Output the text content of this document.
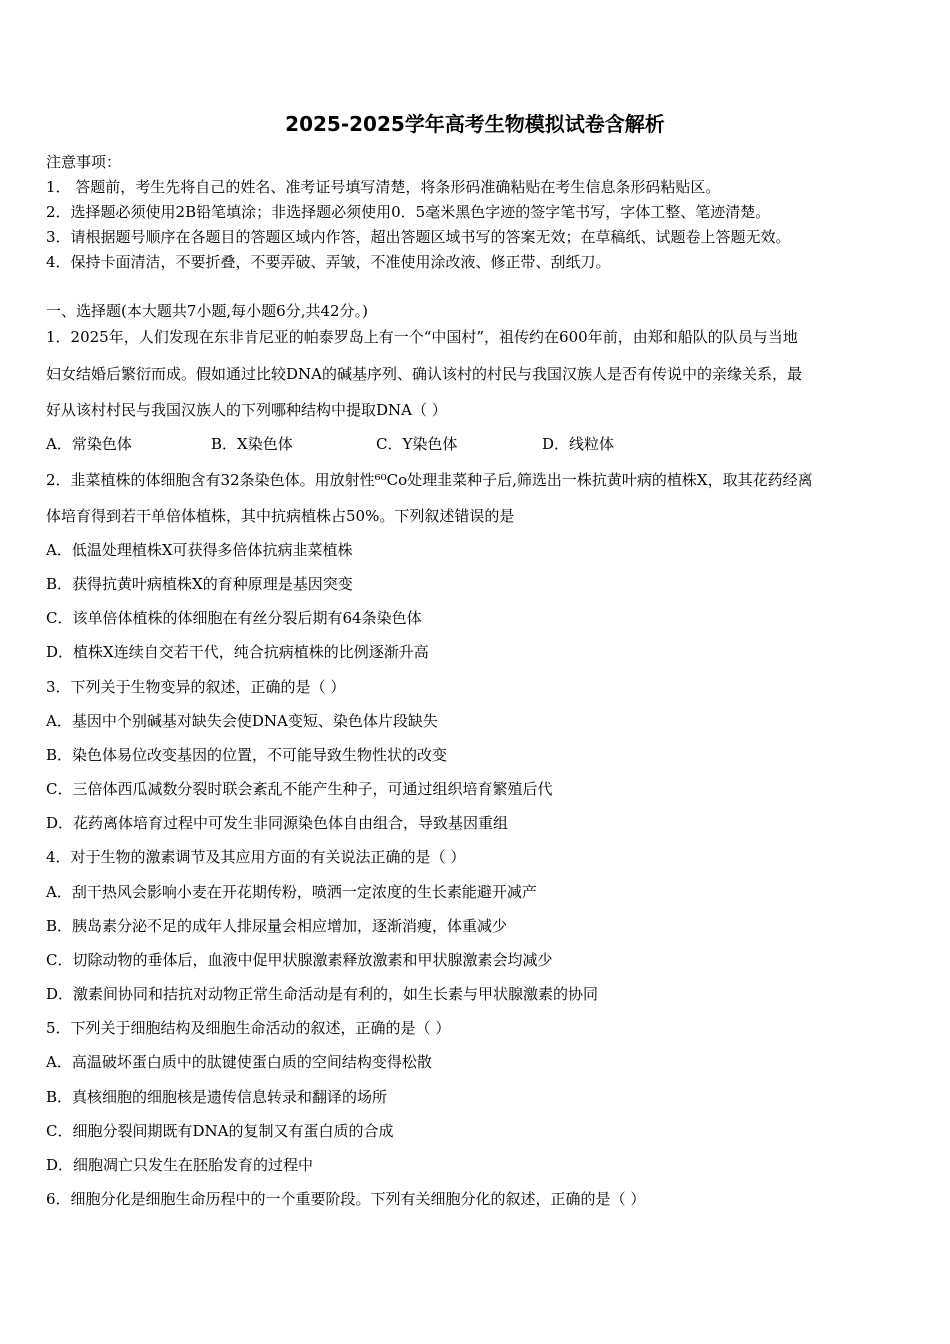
2025-2025学年高考生物模拟试卷含解析
注意事项：
1． 答题前，考生先将自己的姓名、准考证号填写清楚，将条形码准确粘贴在考生信息条形码粘贴区。
2．选择题必须使用2B铅笔填涂；非选择题必须使用0．5毫米黑色字迹的签字笔书写，字体工整、笔迹清楚。
3．请根据题号顺序在各题目的答题区域内作答，超出答题区域书写的答案无效；在草稿纸、试题卷上答题无效。
4．保持卡面清洁，不要折叠，不要弄破、弄皱，不准使用涂改液、修正带、刮纸刀。
一、选择题(本大题共7小题,每小题6分,共42分。)
1．2025年，人们发现在东非肯尼亚的帕泰罗岛上有一个“中国村”，祖传约在600年前，由郑和船队的队员与当地
妇女结婚后繁衍而成。假如通过比较DNA的碱基序列、确认该村的村民与我国汉族人是否有传说中的亲缘关系，最
好从该村村民与我国汉族人的下列哪种结构中提取DNA（ ）
A．常染色体	B．X染色体	C．Y染色体	D．线粒体
2．韭菜植株的体细胞含有32条染色体。用放射性⁶⁰Co处理韭菜种子后,筛选出一株抗黄叶病的植株X，取其花药经离
体培育得到若干单倍体植株，其中抗病植株占50%。下列叙述错误的是
A．低温处理植株X可获得多倍体抗病韭菜植株
B．获得抗黄叶病植株X的育种原理是基因突变
C．该单倍体植株的体细胞在有丝分裂后期有64条染色体
D．植株X连续自交若干代，纯合抗病植株的比例逐渐升高
3．下列关于生物变异的叙述，正确的是（ ）
A．基因中个别碱基对缺失会使DNA变短、染色体片段缺失
B．染色体易位改变基因的位置，不可能导致生物性状的改变
C．三倍体西瓜减数分裂时联会紊乱不能产生种子，可通过组织培育繁殖后代
D．花药离体培育过程中可发生非同源染色体自由组合，导致基因重组
4．对于生物的激素调节及其应用方面的有关说法正确的是（ ）
A．刮干热风会影响小麦在开花期传粉，喷洒一定浓度的生长素能避开减产
B．胰岛素分泌不足的成年人排尿量会相应增加，逐渐消瘦，体重减少
C．切除动物的垂体后，血液中促甲状腺激素释放激素和甲状腺激素会均减少
D．激素间协同和拮抗对动物正常生命活动是有利的，如生长素与甲状腺激素的协同
5．下列关于细胞结构及细胞生命活动的叙述，正确的是（ ）
A．高温破坏蛋白质中的肽键使蛋白质的空间结构变得松散
B．真核细胞的细胞核是遗传信息转录和翻译的场所
C．细胞分裂间期既有DNA的复制又有蛋白质的合成
D．细胞凋亡只发生在胚胎发育的过程中
6．细胞分化是细胞生命历程中的一个重要阶段。下列有关细胞分化的叙述，正确的是（ ）
